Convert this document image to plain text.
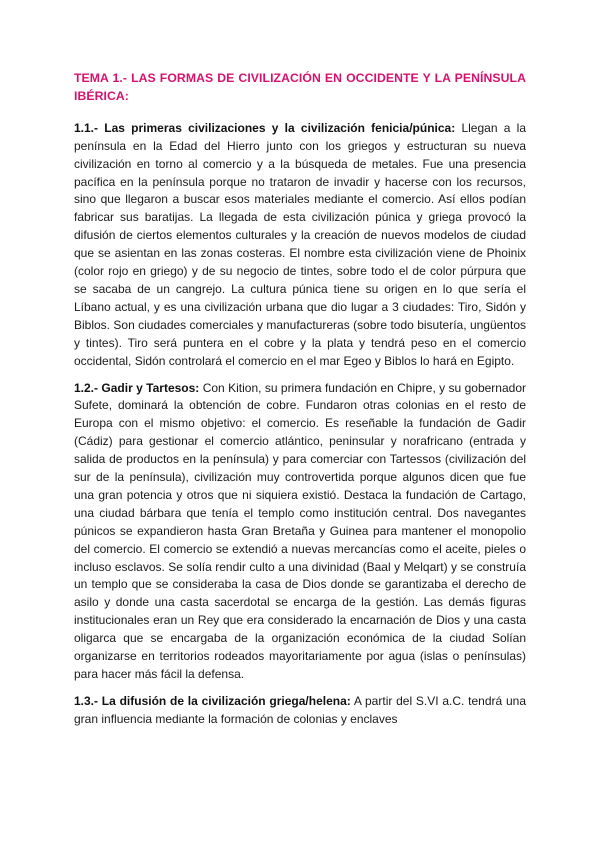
TEMA 1.- LAS FORMAS DE CIVILIZACIÓN EN OCCIDENTE Y LA PENÍNSULA IBÉRICA:

1.1.- Las primeras civilizaciones y la civilización fenicia/púnica: Llegan a la península en la Edad del Hierro junto con los griegos y estructuran su nueva civilización en torno al comercio y a la búsqueda de metales. Fue una presencia pacífica en la península porque no trataron de invadir y hacerse con los recursos, sino que llegaron a buscar esos materiales mediante el comercio. Así ellos podían fabricar sus baratijas. La llegada de esta civilización púnica y griega provocó la difusión de ciertos elementos culturales y la creación de nuevos modelos de ciudad que se asientan en las zonas costeras. El nombre esta civilización viene de Phoinix (color rojo en griego) y de su negocio de tintes, sobre todo el de color púrpura que se sacaba de un cangrejo. La cultura púnica tiene su origen en lo que sería el Líbano actual, y es una civilización urbana que dio lugar a 3 ciudades: Tiro, Sidón y Biblos. Son ciudades comerciales y manufactureras (sobre todo bisutería, ungüentos y tintes). Tiro será puntera en el cobre y la plata y tendrá peso en el comercio occidental, Sidón controlará el comercio en el mar Egeo y Biblos lo hará en Egipto.

1.2.- Gadir y Tartesos: Con Kition, su primera fundación en Chipre, y su gobernador Sufete, dominará la obtención de cobre. Fundaron otras colonias en el resto de Europa con el mismo objetivo: el comercio. Es reseñable la fundación de Gadir (Cádiz) para gestionar el comercio atlántico, peninsular y norafricano (entrada y salida de productos en la península) y para comerciar con Tartessos (civilización del sur de la península), civilización muy controvertida porque algunos dicen que fue una gran potencia y otros que ni siquiera existió. Destaca la fundación de Cartago, una ciudad bárbara que tenía el templo como institución central. Dos navegantes púnicos se expandieron hasta Gran Bretaña y Guinea para mantener el monopolio del comercio. El comercio se extendió a nuevas mercancías como el aceite, pieles o incluso esclavos. Se solía rendir culto a una divinidad (Baal y Melqart) y se construía un templo que se consideraba la casa de Dios donde se garantizaba el derecho de asilo y donde una casta sacerdotal se encarga de la gestión. Las demás figuras institucionales eran un Rey que era considerado la encarnación de Dios y una casta oligarca que se encargaba de la organización económica de la ciudad Solían organizarse en territorios rodeados mayoritariamente por agua (islas o penínsulas) para hacer más fácil la defensa.

1.3.- La difusión de la civilización griega/helena: A partir del S.VI a.C. tendrá una gran influencia mediante la formación de colonias y enclaves
